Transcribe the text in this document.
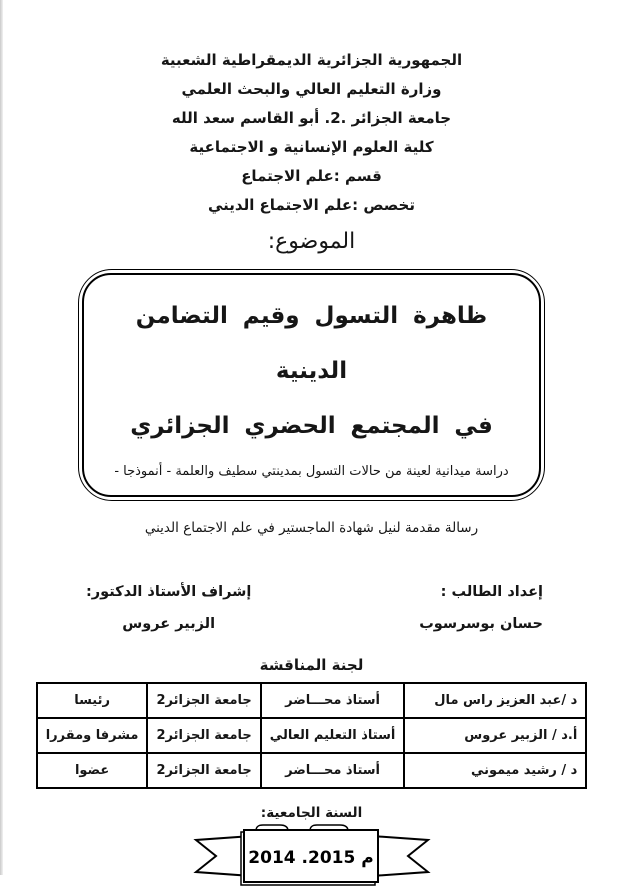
الجمهورية الجزائرية الديمقراطية الشعبية
وزارة التعليم العالي والبحث العلمي
جامعة الجزائر .2. أبو القاسم سعد الله
كلية العلوم الإنسانية و الاجتماعية
قسم :علم الاجتماع
تخصص :علم الاجتماع الديني
الموضوع:
ظاهرة التسول وقيم التضامن الدينية
في المجتمع الحضري الجزائري
دراسة ميدانية لعينة من حالات التسول بمدينتي سطيف والعلمة - أنموذجا -
رسالة مقدمة لنيل شهادة الماجستير في علم الاجتماع الديني
إعداد الطالب :
حسان بوسرسوب
إشراف الأستاذ الدكتور:
الزبير عروس
لجنة المناقشة
د /عبد العزيز راس مال	أستاذ محـــاضر	جامعة الجزائر2	رئيسا
أ.د / الزبير عروس	أستاذ التعليم العالي	جامعة الجزائر2	مشرفا ومقررا
د / رشيد ميموني	أستاذ محـــاضر	جامعة الجزائر2	عضوا
السنة الجامعية:
م 2015. 2014
